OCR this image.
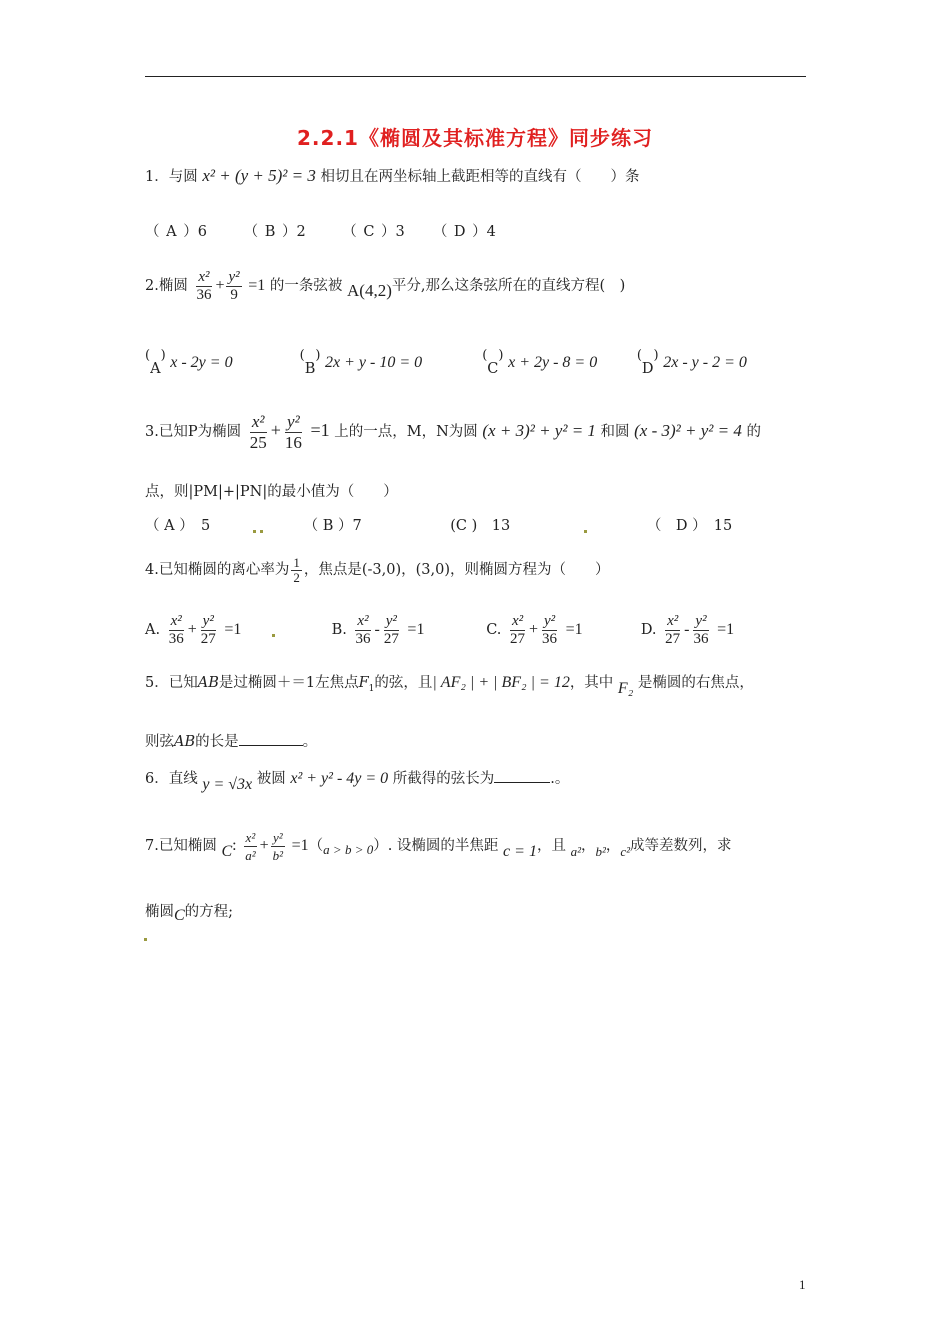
2.2.1《椭圆及其标准方程》同步练习
1．与圆 x² + (y + 5)² = 3 相切且在两坐标轴上截距相等的直线有（　　）条
（ A ）6	（ B ）2	（ C ）3 （ D ）4
2.椭圆 $\frac{\text{x²}}{36} + \frac{\text{y²}}{9} =1$ 的一条弦被 A(4,2)平分,那么这条弦所在的直线方程(　)
(A) x - 2y = 0	(B) 2x + y - 10 = 0	(C) x + 2y - 8 = 0	(D) 2x - y - 2 = 0
3.已知P为椭圆 $\frac{\text{x²}}{25} + \frac{\text{y²}}{16} =1$ 上的一点，M，N为圆 (x + 3)² + y² = 1 和圆 (x - 3)² + y² = 4 的
点，则|PM|+|PN|的最小值为（　　）
（ A ）　5	（ B ）7	(C )　13	（　D ）　15
4.已知椭圆的离心率为 $\frac{1}{2}$ ，焦点是(-3,0)，(3,0)，则椭圆方程为（　　）
A. $\frac{\text{x²}}{36} + \frac{\text{y²}}{27} =1$	B. $\frac{\text{x²}}{36} - \frac{\text{y²}}{27} =1$	C. $\frac{\text{x²}}{27} + \frac{\text{y²}}{36} =1$	D. $\frac{\text{x²}}{27} - \frac{\text{y²}}{36} =1$
5．已知AB是过椭圆＋＝1左焦点$F_1$的弦，且| AF₂ | + | BF₂ | = 12，其中 F₂ 是椭圆的右焦点，
则弦AB的长是	。
6．直线 y = √3x 被圆 x² + y² - 4y = 0 所截得的弦长为	.。
7.已知椭圆 C: $\frac{\text{x²}}{\text{a²}} + \frac{\text{y²}}{\text{b²}} =1(a > b > 0)$. 设椭圆的半焦距 c = 1，且 a²，b²，c²成等差数列，求
椭圆C的方程;
1
